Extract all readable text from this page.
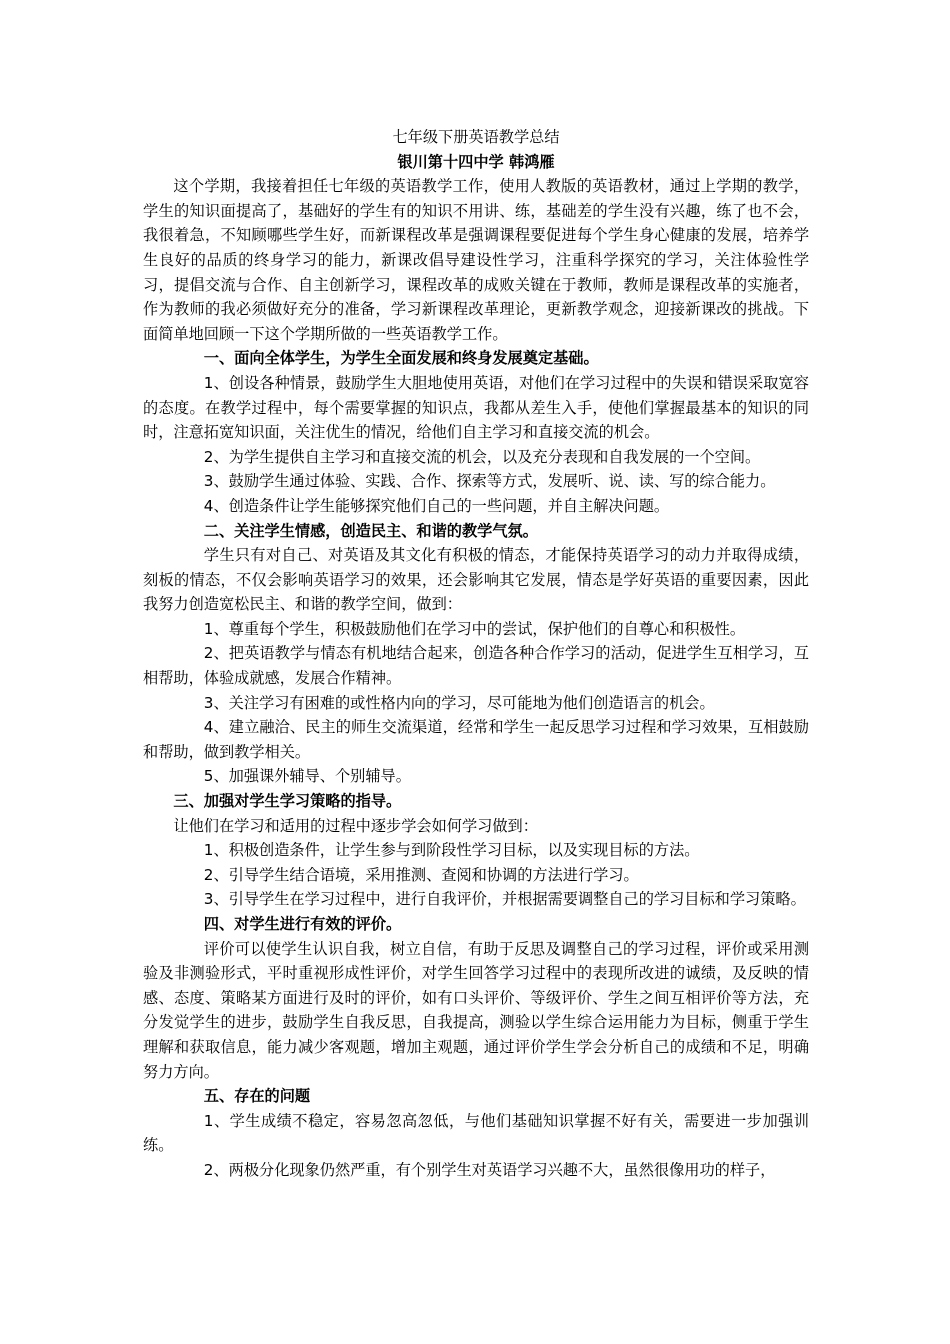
七年级下册英语教学总结

银川第十四中学 韩鸿雁

这个学期，我接着担任七年级的英语教学工作，使用人教版的英语教材，通过上学期的教学，学生的知识面提高了，基础好的学生有的知识不用讲、练，基础差的学生没有兴趣，练了也不会，我很着急，不知顾哪些学生好，而新课程改革是强调课程要促进每个学生身心健康的发展，培养学生良好的品质的终身学习的能力，新课改倡导建设性学习，注重科学探究的学习，关注体验性学习，提倡交流与合作、自主创新学习，课程改革的成败关键在于教师，教师是课程改革的实施者，作为教师的我必须做好充分的准备，学习新课程改革理论，更新教学观念，迎接新课改的挑战。下面简单地回顾一下这个学期所做的一些英语教学工作。

一、面向全体学生，为学生全面发展和终身发展奠定基础。

1、创设各种情景，鼓励学生大胆地使用英语，对他们在学习过程中的失误和错误采取宽容的态度。在教学过程中，每个需要掌握的知识点，我都从差生入手，使他们掌握最基本的知识的同时，注意拓宽知识面，关注优生的情况，给他们自主学习和直接交流的机会。

2、为学生提供自主学习和直接交流的机会，以及充分表现和自我发展的一个空间。

3、鼓励学生通过体验、实践、合作、探索等方式，发展听、说、读、写的综合能力。

4、创造条件让学生能够探究他们自己的一些问题，并自主解决问题。

二、关注学生情感，创造民主、和谐的教学气氛。

学生只有对自己、对英语及其文化有积极的情态，才能保持英语学习的动力并取得成绩，刻板的情态，不仅会影响英语学习的效果，还会影响其它发展，情态是学好英语的重要因素，因此我努力创造宽松民主、和谐的教学空间，做到：

1、尊重每个学生，积极鼓励他们在学习中的尝试，保护他们的自尊心和积极性。

2、把英语教学与情态有机地结合起来，创造各种合作学习的活动，促进学生互相学习，互相帮助，体验成就感，发展合作精神。

3、关注学习有困难的或性格内向的学习，尽可能地为他们创造语言的机会。

4、建立融洽、民主的师生交流渠道，经常和学生一起反思学习过程和学习效果，互相鼓励和帮助，做到教学相关。

5、加强课外辅导、个别辅导。

三、加强对学生学习策略的指导。

让他们在学习和适用的过程中逐步学会如何学习做到：

1、积极创造条件，让学生参与到阶段性学习目标，以及实现目标的方法。

2、引导学生结合语境，采用推测、查阅和协调的方法进行学习。

3、引导学生在学习过程中，进行自我评价，并根据需要调整自己的学习目标和学习策略。

四、对学生进行有效的评价。

评价可以使学生认识自我，树立自信，有助于反思及调整自己的学习过程，评价或采用测验及非测验形式，平时重视形成性评价，对学生回答学习过程中的表现所改进的诚绩，及反映的情感、态度、策略某方面进行及时的评价，如有口头评价、等级评价、学生之间互相评价等方法，充分发觉学生的进步，鼓励学生自我反思，自我提高，测验以学生综合运用能力为目标，侧重于学生理解和获取信息，能力减少客观题，增加主观题，通过评价学生学会分析自己的成绩和不足，明确努力方向。

五、存在的问题

1、学生成绩不稳定，容易忽高忽低，与他们基础知识掌握不好有关，需要进一步加强训练。

2、两极分化现象仍然严重，有个别学生对英语学习兴趣不大，虽然很像用功的样子，
